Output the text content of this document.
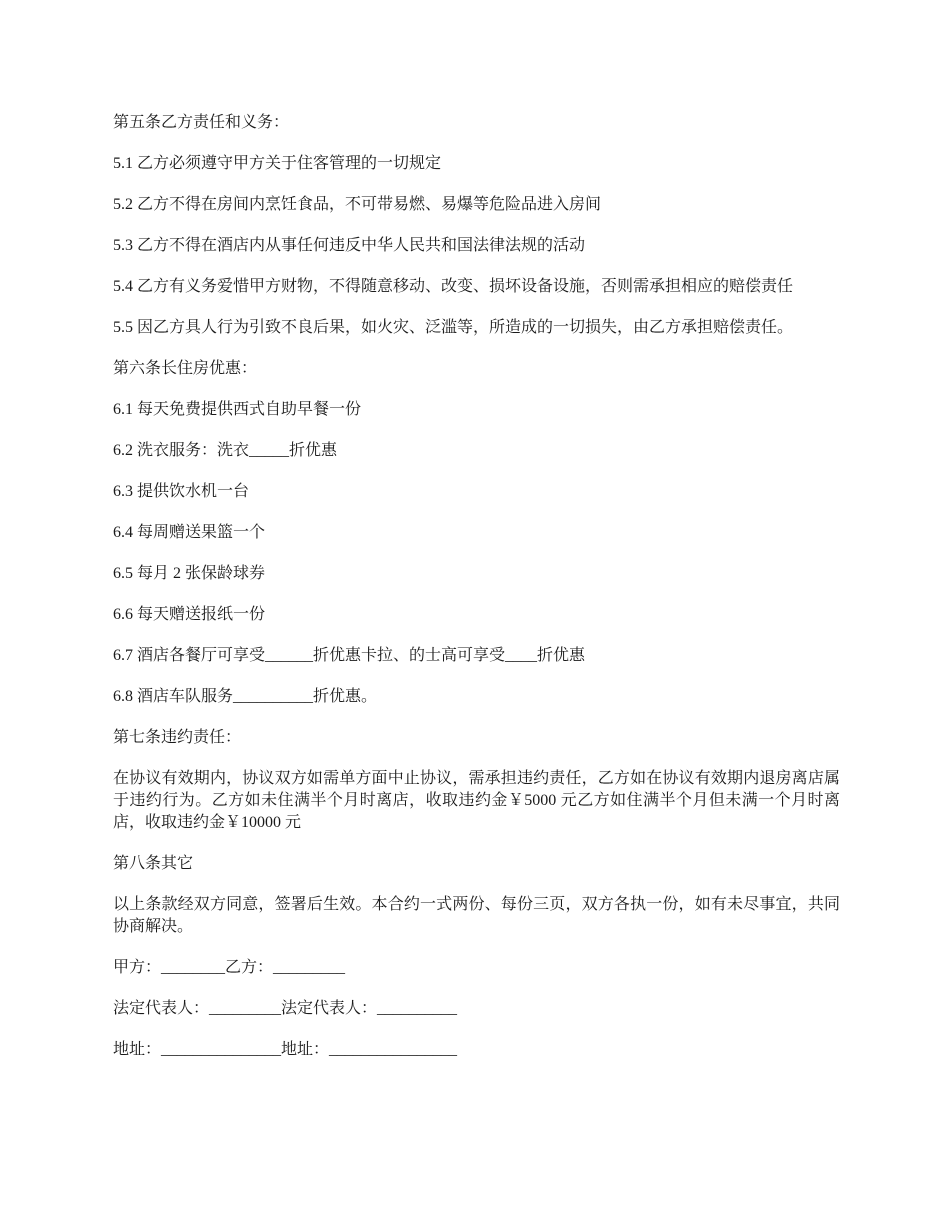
第五条乙方责任和义务：

5.1 乙方必须遵守甲方关于住客管理的一切规定

5.2 乙方不得在房间内烹饪食品，不可带易燃、易爆等危险品进入房间

5.3 乙方不得在酒店内从事任何违反中华人民共和国法律法规的活动

5.4 乙方有义务爱惜甲方财物，不得随意移动、改变、损坏设备设施，否则需承担相应的赔偿责任

5.5 因乙方具人行为引致不良后果，如火灾、泛滥等，所造成的一切损失，由乙方承担赔偿责任。

第六条长住房优惠：

6.1 每天免费提供西式自助早餐一份

6.2 洗衣服务：洗衣_____折优惠

6.3 提供饮水机一台

6.4 每周赠送果篮一个

6.5 每月 2 张保龄球券

6.6 每天赠送报纸一份

6.7 酒店各餐厅可享受______折优惠卡拉、的士高可享受____折优惠

6.8 酒店车队服务__________折优惠。

第七条违约责任：

在协议有效期内，协议双方如需单方面中止协议，需承担违约责任，乙方如在协议有效期内退房离店属于违约行为。乙方如未住满半个月时离店，收取违约金￥5000 元乙方如住满半个月但未满一个月时离店，收取违约金￥10000 元

第八条其它

以上条款经双方同意，签署后生效。本合约一式两份、每份三页，双方各执一份，如有未尽事宜，共同协商解决。

甲方：________乙方：_________

法定代表人：_________法定代表人：__________

地址：_______________地址：________________
